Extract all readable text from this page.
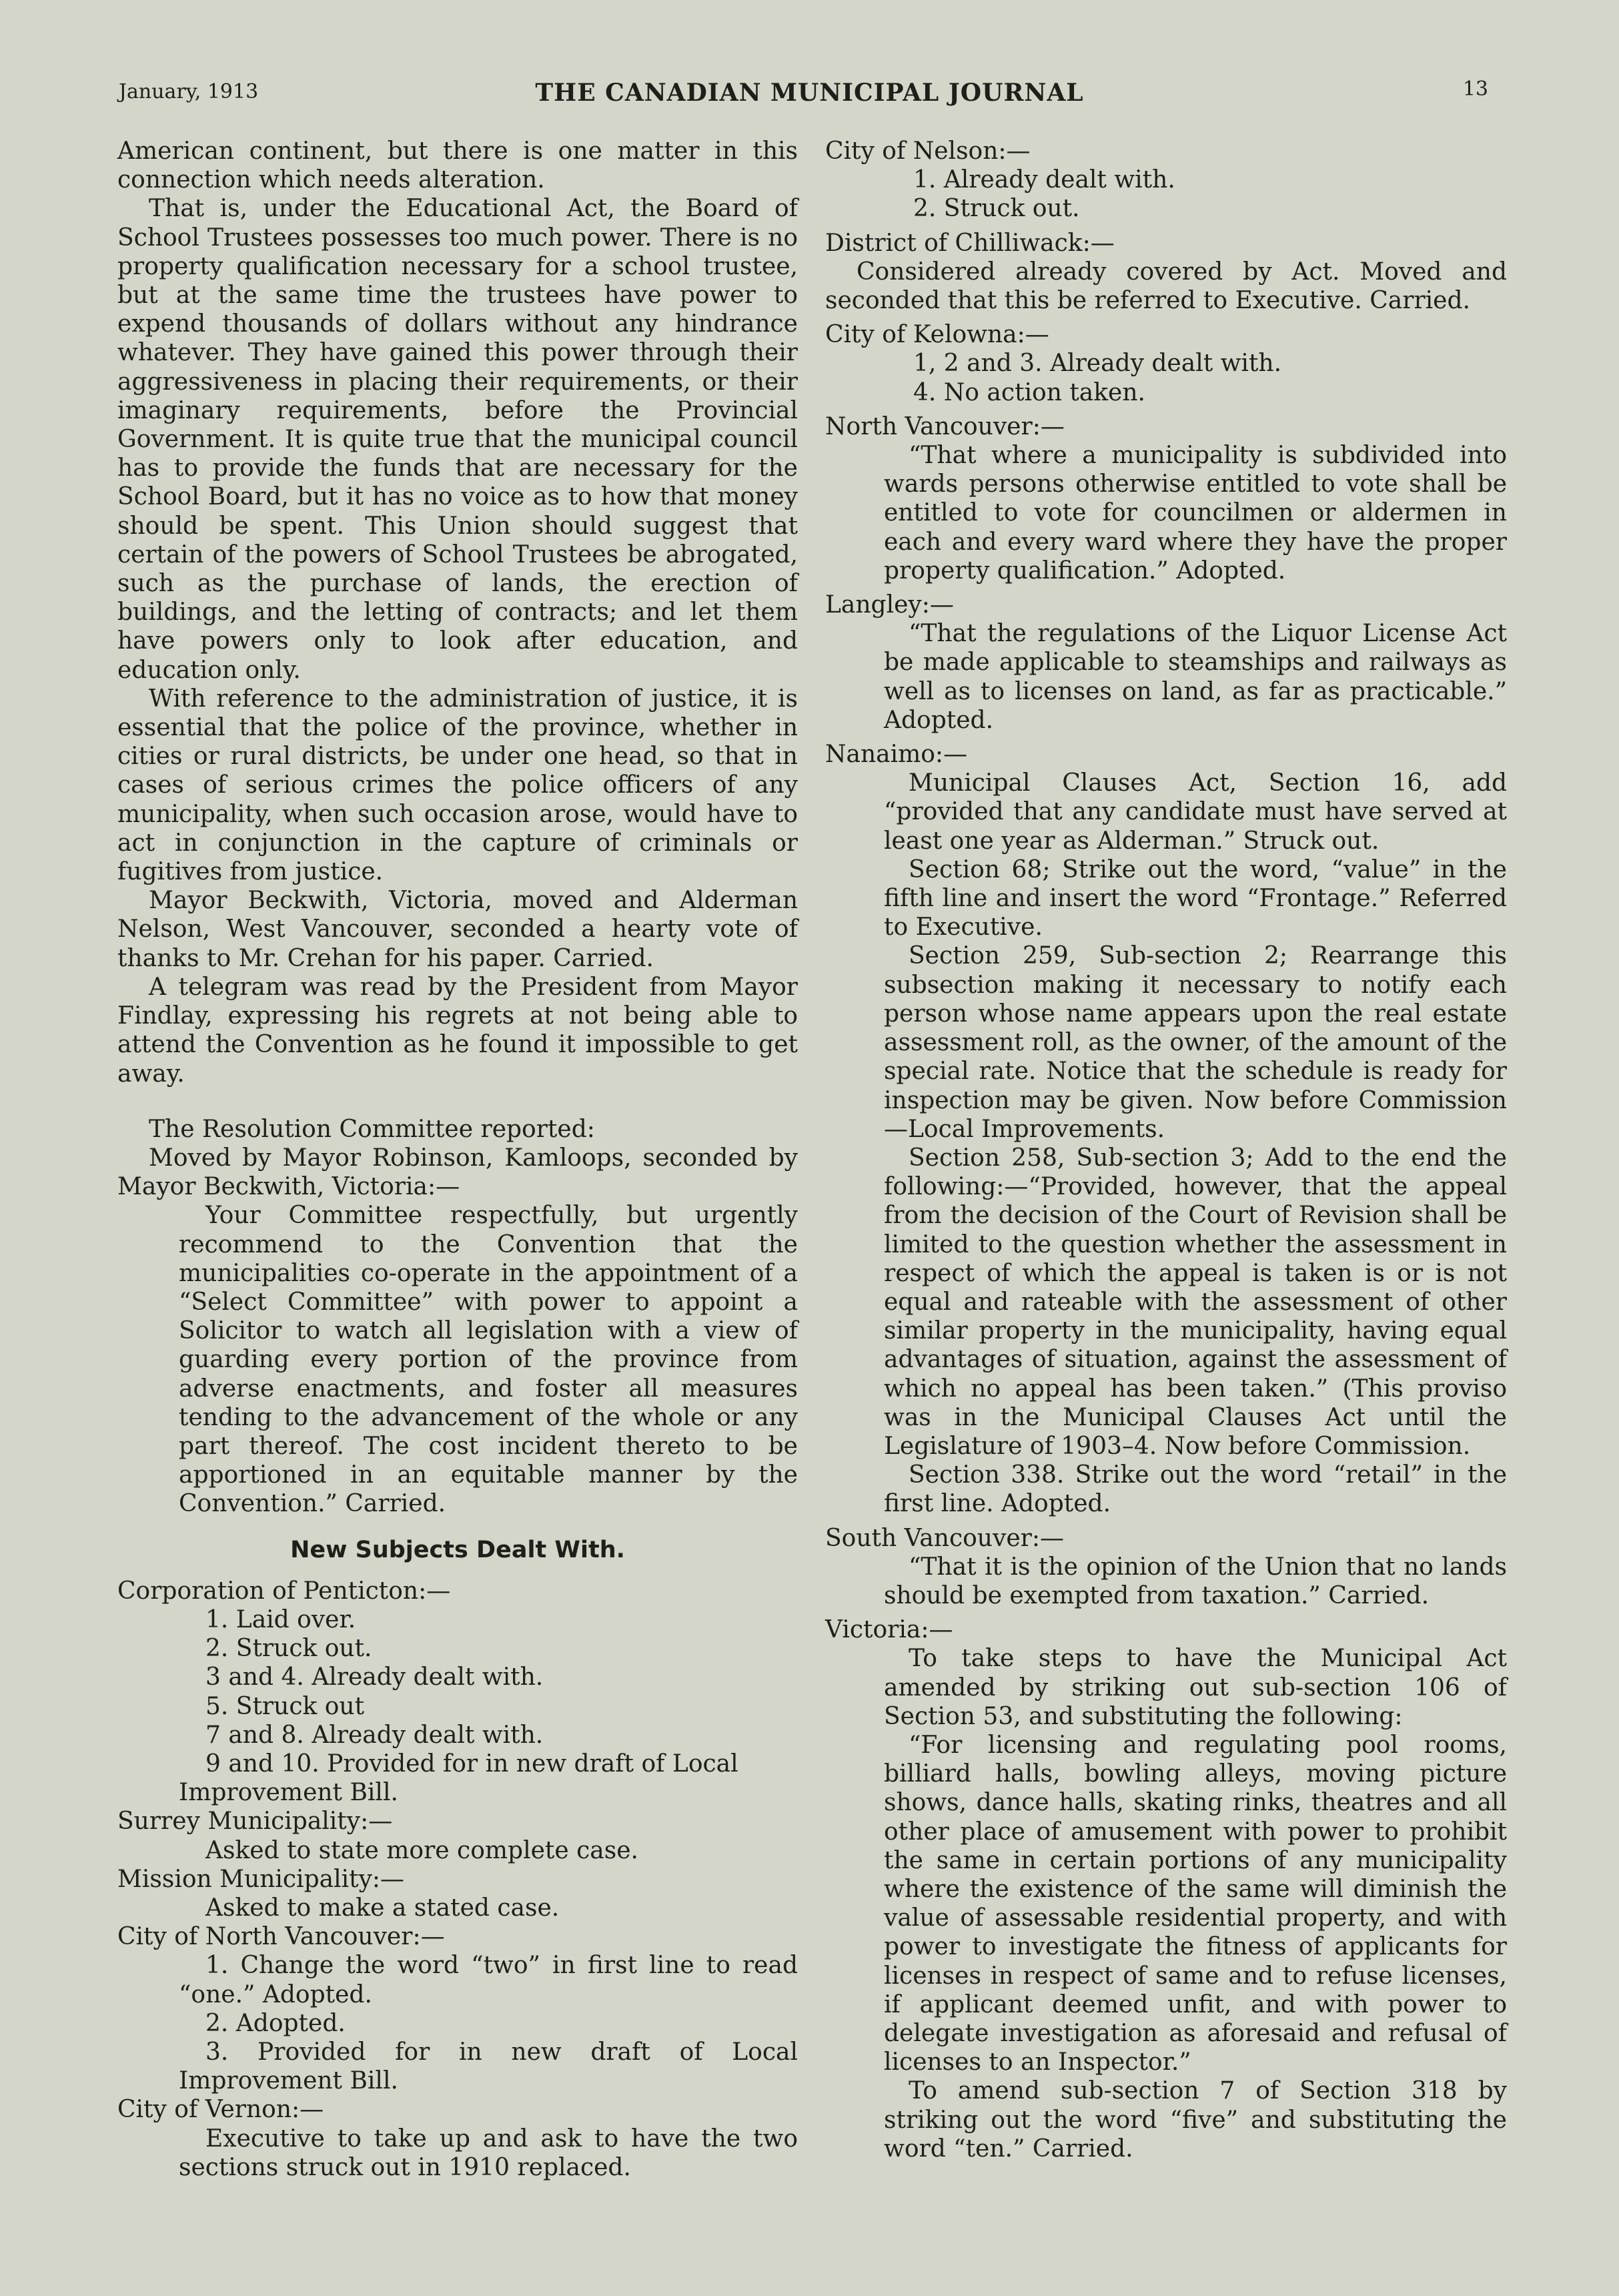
January, 1913	THE CANADIAN MUNICIPAL JOURNAL	13

American continent, but there is one matter in this connection which needs alteration.

That is, under the Educational Act, the Board of School Trustees possesses too much power. There is no property qualification necessary for a school trustee, but at the same time the trustees have power to expend thousands of dollars without any hindrance whatever. They have gained this power through their aggressiveness in placing their requirements, or their imaginary requirements, before the Provincial Government. It is quite true that the municipal council has to provide the funds that are necessary for the School Board, but it has no voice as to how that money should be spent. This Union should suggest that certain of the powers of School Trustees be abrogated, such as the purchase of lands, the erection of buildings, and the letting of contracts; and let them have powers only to look after education, and education only.

With reference to the administration of justice, it is essential that the police of the province, whether in cities or rural districts, be under one head, so that in cases of serious crimes the police officers of any municipality, when such occasion arose, would have to act in conjunction in the capture of criminals or fugitives from justice.

Mayor Beckwith, Victoria, moved and Alderman Nelson, West Vancouver, seconded a hearty vote of thanks to Mr. Crehan for his paper. Carried.

A telegram was read by the President from Mayor Findlay, expressing his regrets at not being able to attend the Convention as he found it impossible to get away.

The Resolution Committee reported:

Moved by Mayor Robinson, Kamloops, seconded by Mayor Beckwith, Victoria:—

Your Committee respectfully, but urgently recommend to the Convention that the municipalities co-operate in the appointment of a “Select Committee” with power to appoint a Solicitor to watch all legislation with a view of guarding every portion of the province from adverse enactments, and foster all measures tending to the advancement of the whole or any part thereof. The cost incident thereto to be apportioned in an equitable manner by the Convention.” Carried.

New Subjects Dealt With.

Corporation of Penticton:—

1. Laid over.

2. Struck out.

3 and 4. Already dealt with.

5. Struck out

7 and 8. Already dealt with.

9 and 10. Provided for in new draft of Local Improvement Bill.

Surrey Municipality:—

Asked to state more complete case.

Mission Municipality:—

Asked to make a stated case.

City of North Vancouver:—

1. Change the word “two” in first line to read “one.” Adopted.

2. Adopted.

3. Provided for in new draft of Local Improvement Bill.

City of Vernon:—

Executive to take up and ask to have the two sections struck out in 1910 replaced.

City of Nelson:—

1. Already dealt with.

2. Struck out.

District of Chilliwack:—

Considered already covered by Act. Moved and seconded that this be referred to Executive. Carried.

City of Kelowna:—

1, 2 and 3. Already dealt with.

4. No action taken.

North Vancouver:—

“That where a municipality is subdivided into wards persons otherwise entitled to vote shall be entitled to vote for councilmen or aldermen in each and every ward where they have the proper property qualification.” Adopted.

Langley:—

“That the regulations of the Liquor License Act be made applicable to steamships and railways as well as to licenses on land, as far as practicable.” Adopted.

Nanaimo:—

Municipal Clauses Act, Section 16, add “provided that any candidate must have served at least one year as Alderman.” Struck out.

Section 68; Strike out the word, “value” in the fifth line and insert the word “Frontage.” Referred to Executive.

Section 259, Sub-section 2; Rearrange this subsection making it necessary to notify each person whose name appears upon the real estate assessment roll, as the owner, of the amount of the special rate. Notice that the schedule is ready for inspection may be given. Now before Commission—Local Improvements.

Section 258, Sub-section 3; Add to the end the following:—“Provided, however, that the appeal from the decision of the Court of Revision shall be limited to the question whether the assessment in respect of which the appeal is taken is or is not equal and rateable with the assessment of other similar property in the municipality, having equal advantages of situation, against the assessment of which no appeal has been taken.” (This proviso was in the Municipal Clauses Act until the Legislature of 1903–4. Now before Commission.

Section 338. Strike out the word “retail” in the first line. Adopted.

South Vancouver:—

“That it is the opinion of the Union that no lands should be exempted from taxation.” Carried.

Victoria:—

To take steps to have the Municipal Act amended by striking out sub-section 106 of Section 53, and substituting the following:

“For licensing and regulating pool rooms, billiard halls, bowling alleys, moving picture shows, dance halls, skating rinks, theatres and all other place of amusement with power to prohibit the same in certain portions of any municipality where the existence of the same will diminish the value of assessable residential property, and with power to investigate the fitness of applicants for licenses in respect of same and to refuse licenses, if applicant deemed unfit, and with power to delegate investigation as aforesaid and refusal of licenses to an Inspector.”

To amend sub-section 7 of Section 318 by striking out the word “five” and substituting the word “ten.” Carried.
